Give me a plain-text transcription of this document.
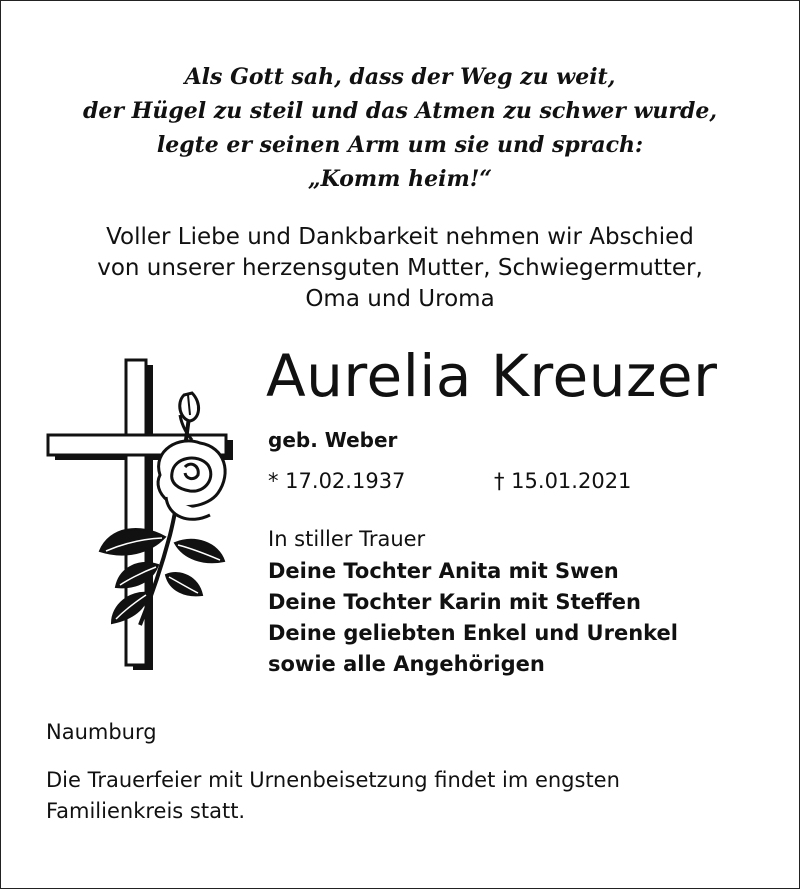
Als Gott sah, dass der Weg zu weit,
der Hügel zu steil und das Atmen zu schwer wurde,
legte er seinen Arm um sie und sprach:
„Komm heim!“
Voller Liebe und Dankbarkeit nehmen wir Abschied
von unserer herzensguten Mutter, Schwiegermutter,
Oma und Uroma
Aurelia Kreuzer
geb. Weber
* 17.02.1937	† 15.01.2021
In stiller Trauer
Deine Tochter Anita mit Swen
Deine Tochter Karin mit Steffen
Deine geliebten Enkel und Urenkel
sowie alle Angehörigen
Naumburg
Die Trauerfeier mit Urnenbeisetzung findet im engsten
Familienkreis statt.
